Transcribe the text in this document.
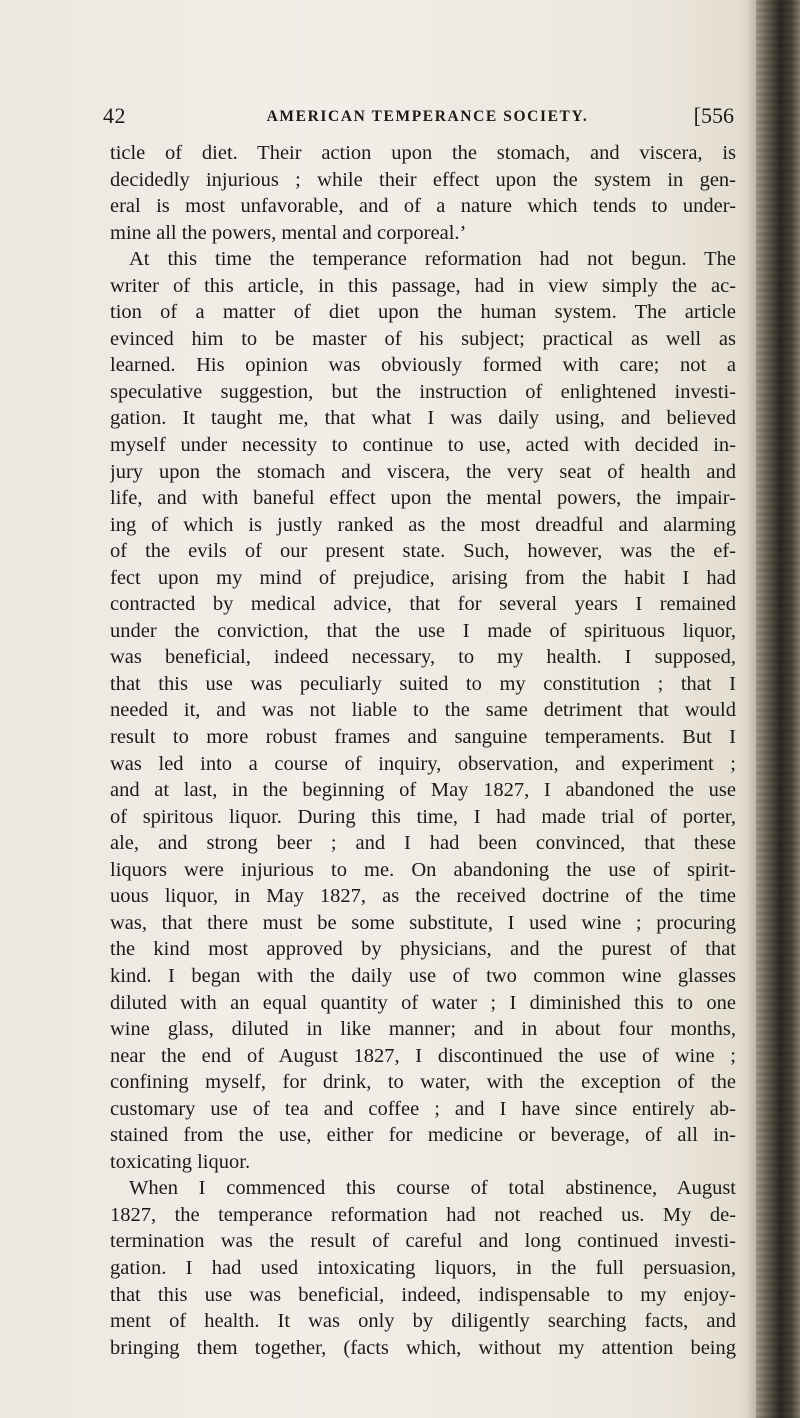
42	AMERICAN TEMPERANCE SOCIETY.	[556
ticle of diet. Their action upon the stomach, and viscera, is
decidedly injurious ; while their effect upon the system in gen-
eral is most unfavorable, and of a nature which tends to under-
mine all the powers, mental and corporeal.’
At this time the temperance reformation had not begun. The
writer of this article, in this passage, had in view simply the ac-
tion of a matter of diet upon the human system. The article
evinced him to be master of his subject; practical as well as
learned. His opinion was obviously formed with care; not a
speculative suggestion, but the instruction of enlightened investi-
gation. It taught me, that what I was daily using, and believed
myself under necessity to continue to use, acted with decided in-
jury upon the stomach and viscera, the very seat of health and
life, and with baneful effect upon the mental powers, the impair-
ing of which is justly ranked as the most dreadful and alarming
of the evils of our present state. Such, however, was the ef-
fect upon my mind of prejudice, arising from the habit I had
contracted by medical advice, that for several years I remained
under the conviction, that the use I made of spirituous liquor,
was beneficial, indeed necessary, to my health. I supposed,
that this use was peculiarly suited to my constitution ; that I
needed it, and was not liable to the same detriment that would
result to more robust frames and sanguine temperaments. But I
was led into a course of inquiry, observation, and experiment ;
and at last, in the beginning of May 1827, I abandoned the use
of spiritous liquor. During this time, I had made trial of porter,
ale, and strong beer ; and I had been convinced, that these
liquors were injurious to me. On abandoning the use of spirit-
uous liquor, in May 1827, as the received doctrine of the time
was, that there must be some substitute, I used wine ; procuring
the kind most approved by physicians, and the purest of that
kind. I began with the daily use of two common wine glasses
diluted with an equal quantity of water ; I diminished this to one
wine glass, diluted in like manner; and in about four months,
near the end of August 1827, I discontinued the use of wine ;
confining myself, for drink, to water, with the exception of the
customary use of tea and coffee ; and I have since entirely ab-
stained from the use, either for medicine or beverage, of all in-
toxicating liquor.
When I commenced this course of total abstinence, August
1827, the temperance reformation had not reached us. My de-
termination was the result of careful and long continued investi-
gation. I had used intoxicating liquors, in the full persuasion,
that this use was beneficial, indeed, indispensable to my enjoy-
ment of health. It was only by diligently searching facts, and
bringing them together, (facts which, without my attention being
